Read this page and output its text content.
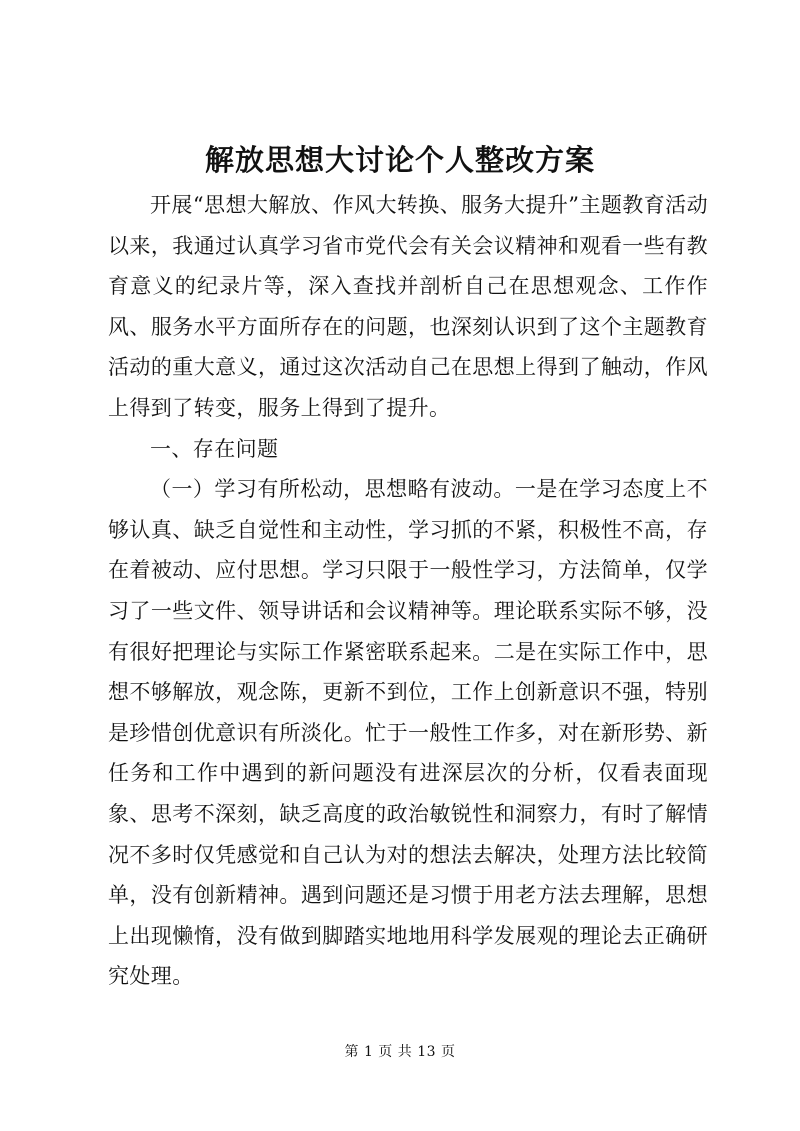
解放思想大讨论个人整改方案

开展“思想大解放、作风大转换、服务大提升”主题教育活动以来，我通过认真学习省市党代会有关会议精神和观看一些有教育意义的纪录片等，深入查找并剖析自己在思想观念、工作作风、服务水平方面所存在的问题，也深刻认识到了这个主题教育活动的重大意义，通过这次活动自己在思想上得到了触动，作风上得到了转变，服务上得到了提升。

一、存在问题

（一）学习有所松动，思想略有波动。一是在学习态度上不够认真、缺乏自觉性和主动性，学习抓的不紧，积极性不高，存在着被动、应付思想。学习只限于一般性学习，方法简单，仅学习了一些文件、领导讲话和会议精神等。理论联系实际不够，没有很好把理论与实际工作紧密联系起来。二是在实际工作中，思想不够解放，观念陈，更新不到位，工作上创新意识不强，特别是珍惜创优意识有所淡化。忙于一般性工作多，对在新形势、新任务和工作中遇到的新问题没有进深层次的分析，仅看表面现象、思考不深刻，缺乏高度的政治敏锐性和洞察力，有时了解情况不多时仅凭感觉和自己认为对的想法去解决，处理方法比较简单，没有创新精神。遇到问题还是习惯于用老方法去理解，思想上出现懒惰，没有做到脚踏实地地用科学发展观的理论去正确研究处理。

第 1 页 共 13 页
